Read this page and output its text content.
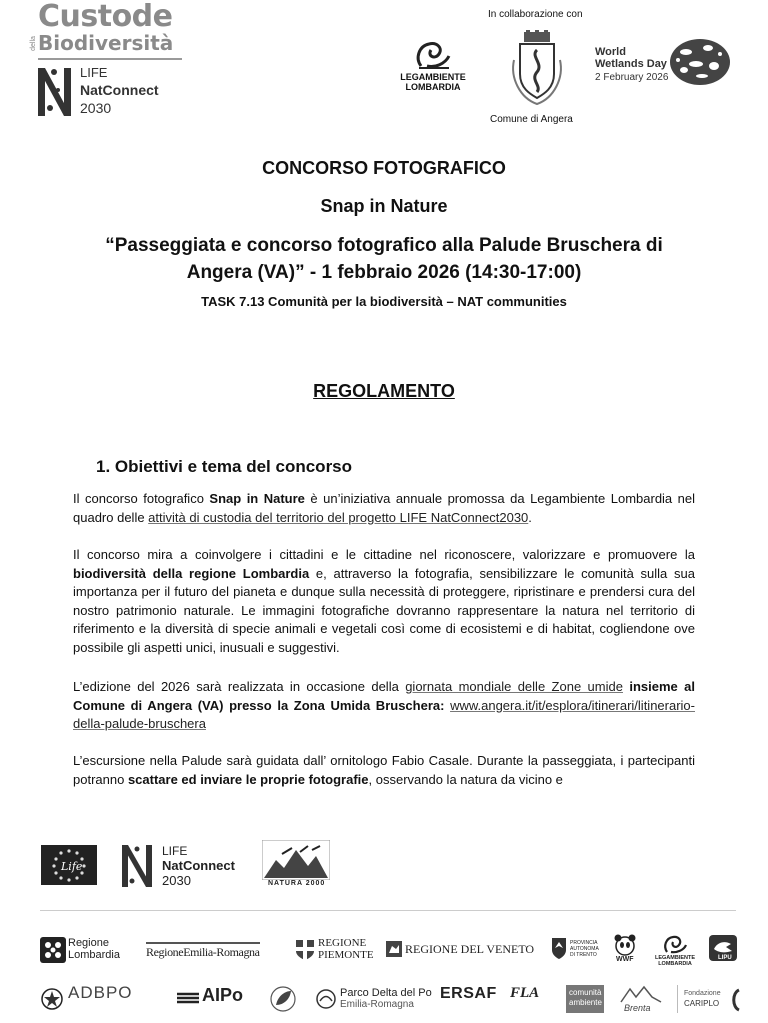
Custode
della Biodiversità
LIFE
NatConnect
2030
In collaborazione con
LEGAMBIENTE LOMBARDIA
Comune di Angera
World
Wetlands Day
2 February 2026
CONCORSO FOTOGRAFICO
Snap in Nature
“Passeggiata e concorso fotografico alla Palude Bruschera di
Angera (VA)” - 1 febbraio 2026 (14:30-17:00)
TASK 7.13 Comunità per la biodiversità – NAT communities
REGOLAMENTO
1. Obiettivi e tema del concorso
Il concorso fotografico Snap in Nature è un’iniziativa annuale promossa da Legambiente Lombardia nel quadro delle attività di custodia del territorio del progetto LIFE NatConnect2030.
Il concorso mira a coinvolgere i cittadini e le cittadine nel riconoscere, valorizzare e promuovere la biodiversità della regione Lombardia e, attraverso la fotografia, sensibilizzare le comunità sulla sua importanza per il futuro del pianeta e dunque sulla necessità di proteggere, ripristinare e prendersi cura del nostro patrimonio naturale. Le immagini fotografiche dovranno rappresentare la natura nel territorio di riferimento e la diversità di specie animali e vegetali così come di ecosistemi e di habitat, cogliendone ove possibile gli aspetti unici, inusuali e suggestivi.
L’edizione del 2026 sarà realizzata in occasione della giornata mondiale delle Zone umide insieme al Comune di Angera (VA) presso la Zona Umida Bruschera: www.angera.it/it/esplora/itinerari/litinerario-della-palude-bruschera
L’escursione nella Palude sarà guidata dall’ ornitologo Fabio Casale. Durante la passeggiata, i partecipanti potranno scattare ed inviare le proprie fotografie, osservando la natura da vicino e
Life
LIFE
NatConnect
2030	NATURA 2000
Regione
Lombardia RegioneEmilia-Romagna
REGIONE
PIEMONTE	REGIONE DEL VENETO	PROVINCIA AUTONOMA DI TRENTO
WWF	LEGAMBIENTE LOMBARDIA
LIPU
ADBPO	AIPo	Parco Delta del Po
Emilia-Romagna
ERSAF FLA	comunità
ambiente
Brenta
Fondazione
CARIPLO
